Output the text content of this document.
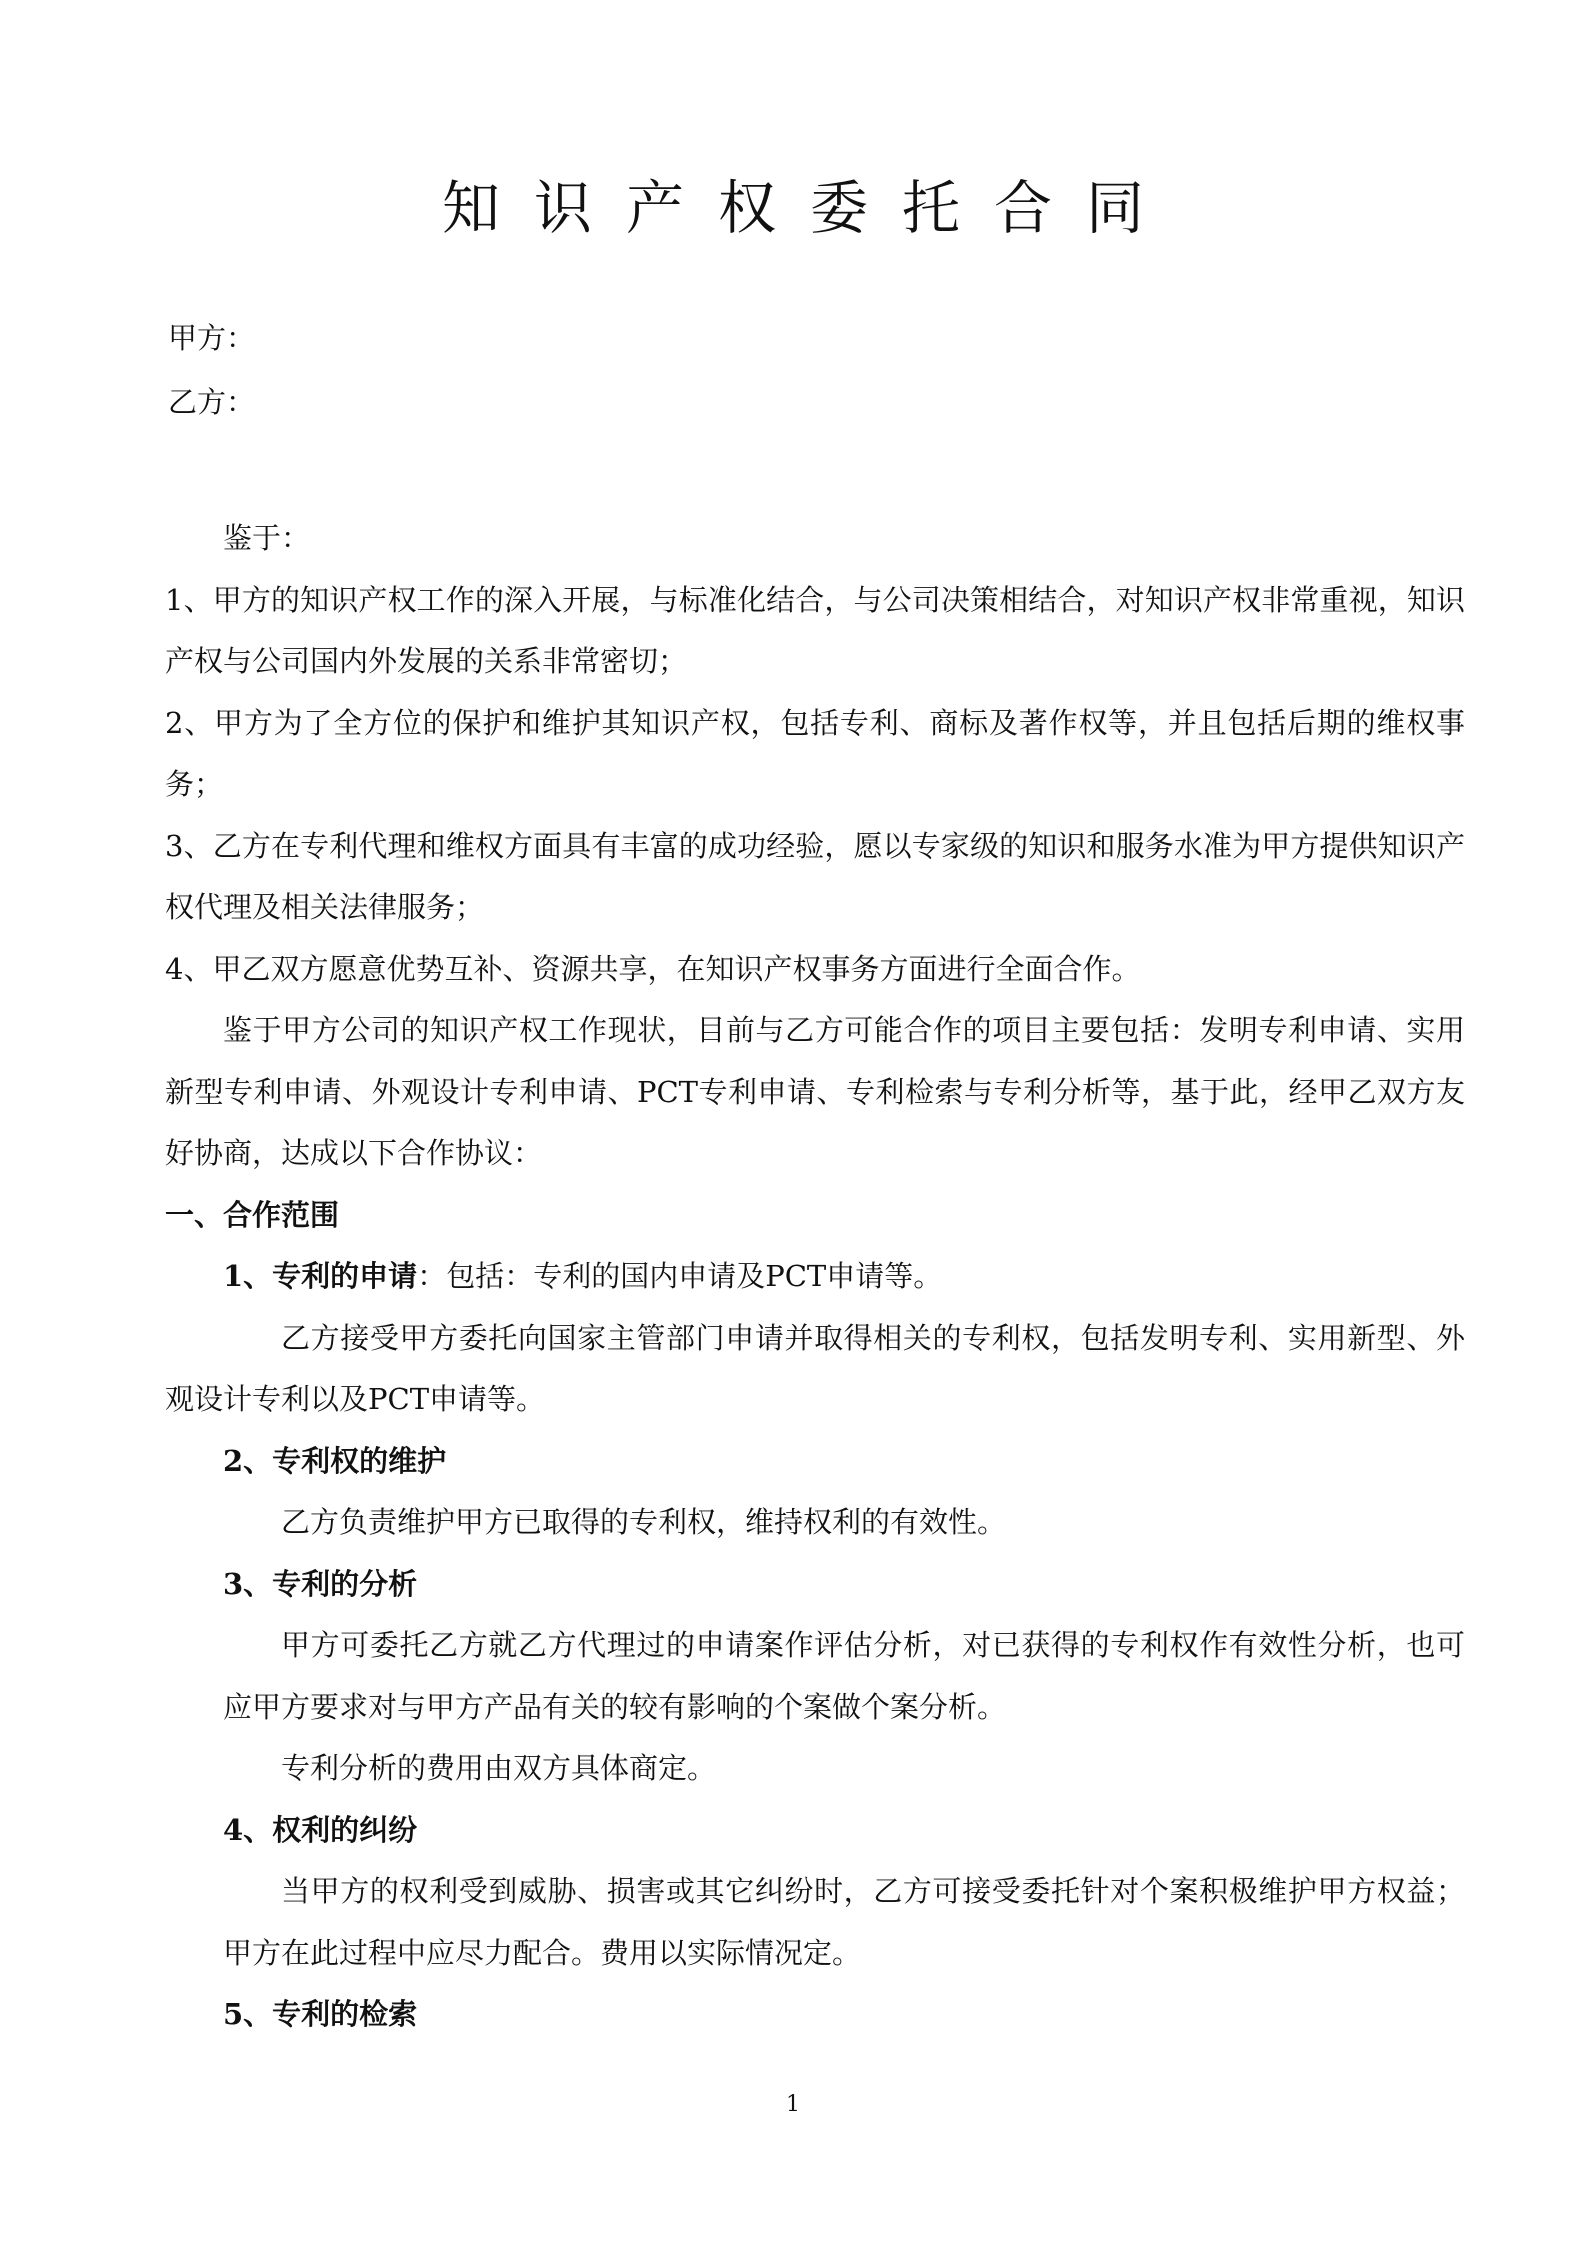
知识产权委托合同
甲方：
乙方：

鉴于：

1、甲方的知识产权工作的深入开展，与标准化结合，与公司决策相结合，对知识产权非常重视，知识产权与公司国内外发展的关系非常密切；

2、甲方为了全方位的保护和维护其知识产权，包括专利、商标及著作权等，并且包括后期的维权事务；

3、乙方在专利代理和维权方面具有丰富的成功经验，愿以专家级的知识和服务水准为甲方提供知识产权代理及相关法律服务；

4、甲乙双方愿意优势互补、资源共享，在知识产权事务方面进行全面合作。

鉴于甲方公司的知识产权工作现状，目前与乙方可能合作的项目主要包括：发明专利申请、实用新型专利申请、外观设计专利申请、PCT专利申请、专利检索与专利分析等，基于此，经甲乙双方友好协商，达成以下合作协议：

一、合作范围

1、专利的申请：包括：专利的国内申请及PCT申请等。

乙方接受甲方委托向国家主管部门申请并取得相关的专利权，包括发明专利、实用新型、外观设计专利以及PCT申请等。

2、专利权的维护

乙方负责维护甲方已取得的专利权，维持权利的有效性。

3、专利的分析

甲方可委托乙方就乙方代理过的申请案作评估分析，对已获得的专利权作有效性分析，也可应甲方要求对与甲方产品有关的较有影响的个案做个案分析。

专利分析的费用由双方具体商定。

4、权利的纠纷

当甲方的权利受到威胁、损害或其它纠纷时，乙方可接受委托针对个案积极维护甲方权益；甲方在此过程中应尽力配合。费用以实际情况定。

5、专利的检索

1
